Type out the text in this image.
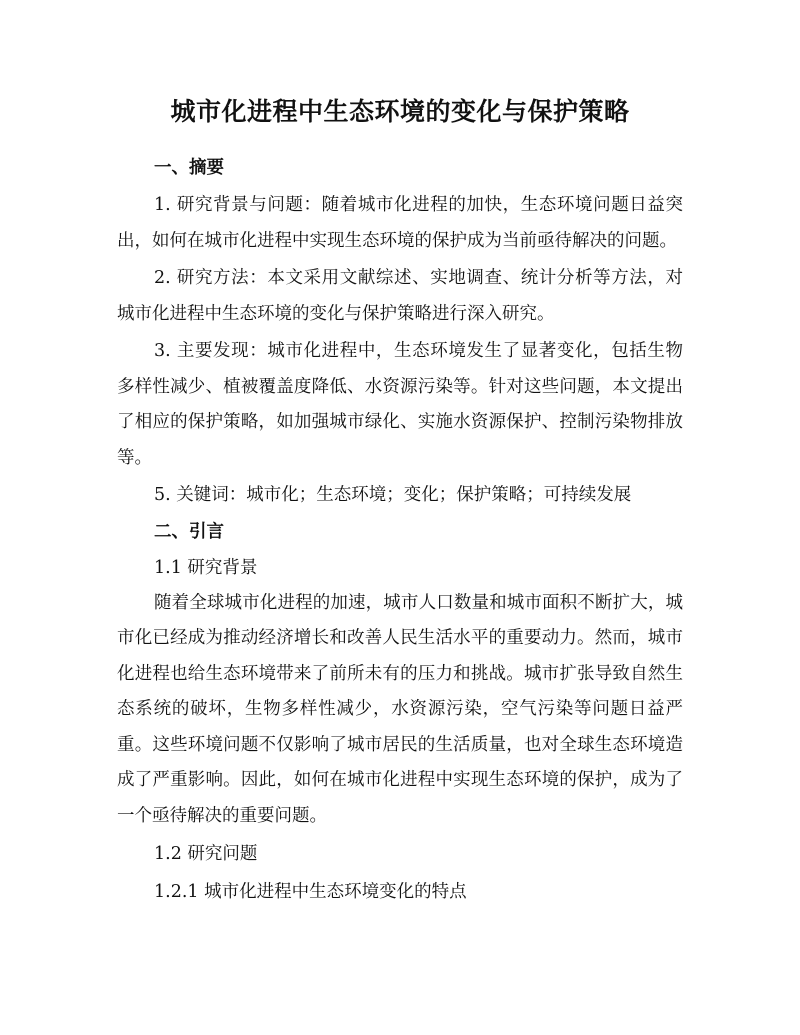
城市化进程中生态环境的变化与保护策略
一、摘要

1. 研究背景与问题：随着城市化进程的加快，生态环境问题日益突出，如何在城市化进程中实现生态环境的保护成为当前亟待解决的问题。

2. 研究方法：本文采用文献综述、实地调查、统计分析等方法，对城市化进程中生态环境的变化与保护策略进行深入研究。

3. 主要发现：城市化进程中，生态环境发生了显著变化，包括生物多样性减少、植被覆盖度降低、水资源污染等。针对这些问题，本文提出了相应的保护策略，如加强城市绿化、实施水资源保护、控制污染物排放等。

5. 关键词：城市化；生态环境；变化；保护策略；可持续发展

二、引言
1.1 研究背景

随着全球城市化进程的加速，城市人口数量和城市面积不断扩大，城市化已经成为推动经济增长和改善人民生活水平的重要动力。然而，城市化进程也给生态环境带来了前所未有的压力和挑战。城市扩张导致自然生态系统的破坏，生物多样性减少，水资源污染，空气污染等问题日益严重。这些环境问题不仅影响了城市居民的生活质量，也对全球生态环境造成了严重影响。因此，如何在城市化进程中实现生态环境的保护，成为了一个亟待解决的重要问题。

1.2 研究问题
1.2.1 城市化进程中生态环境变化的特点
